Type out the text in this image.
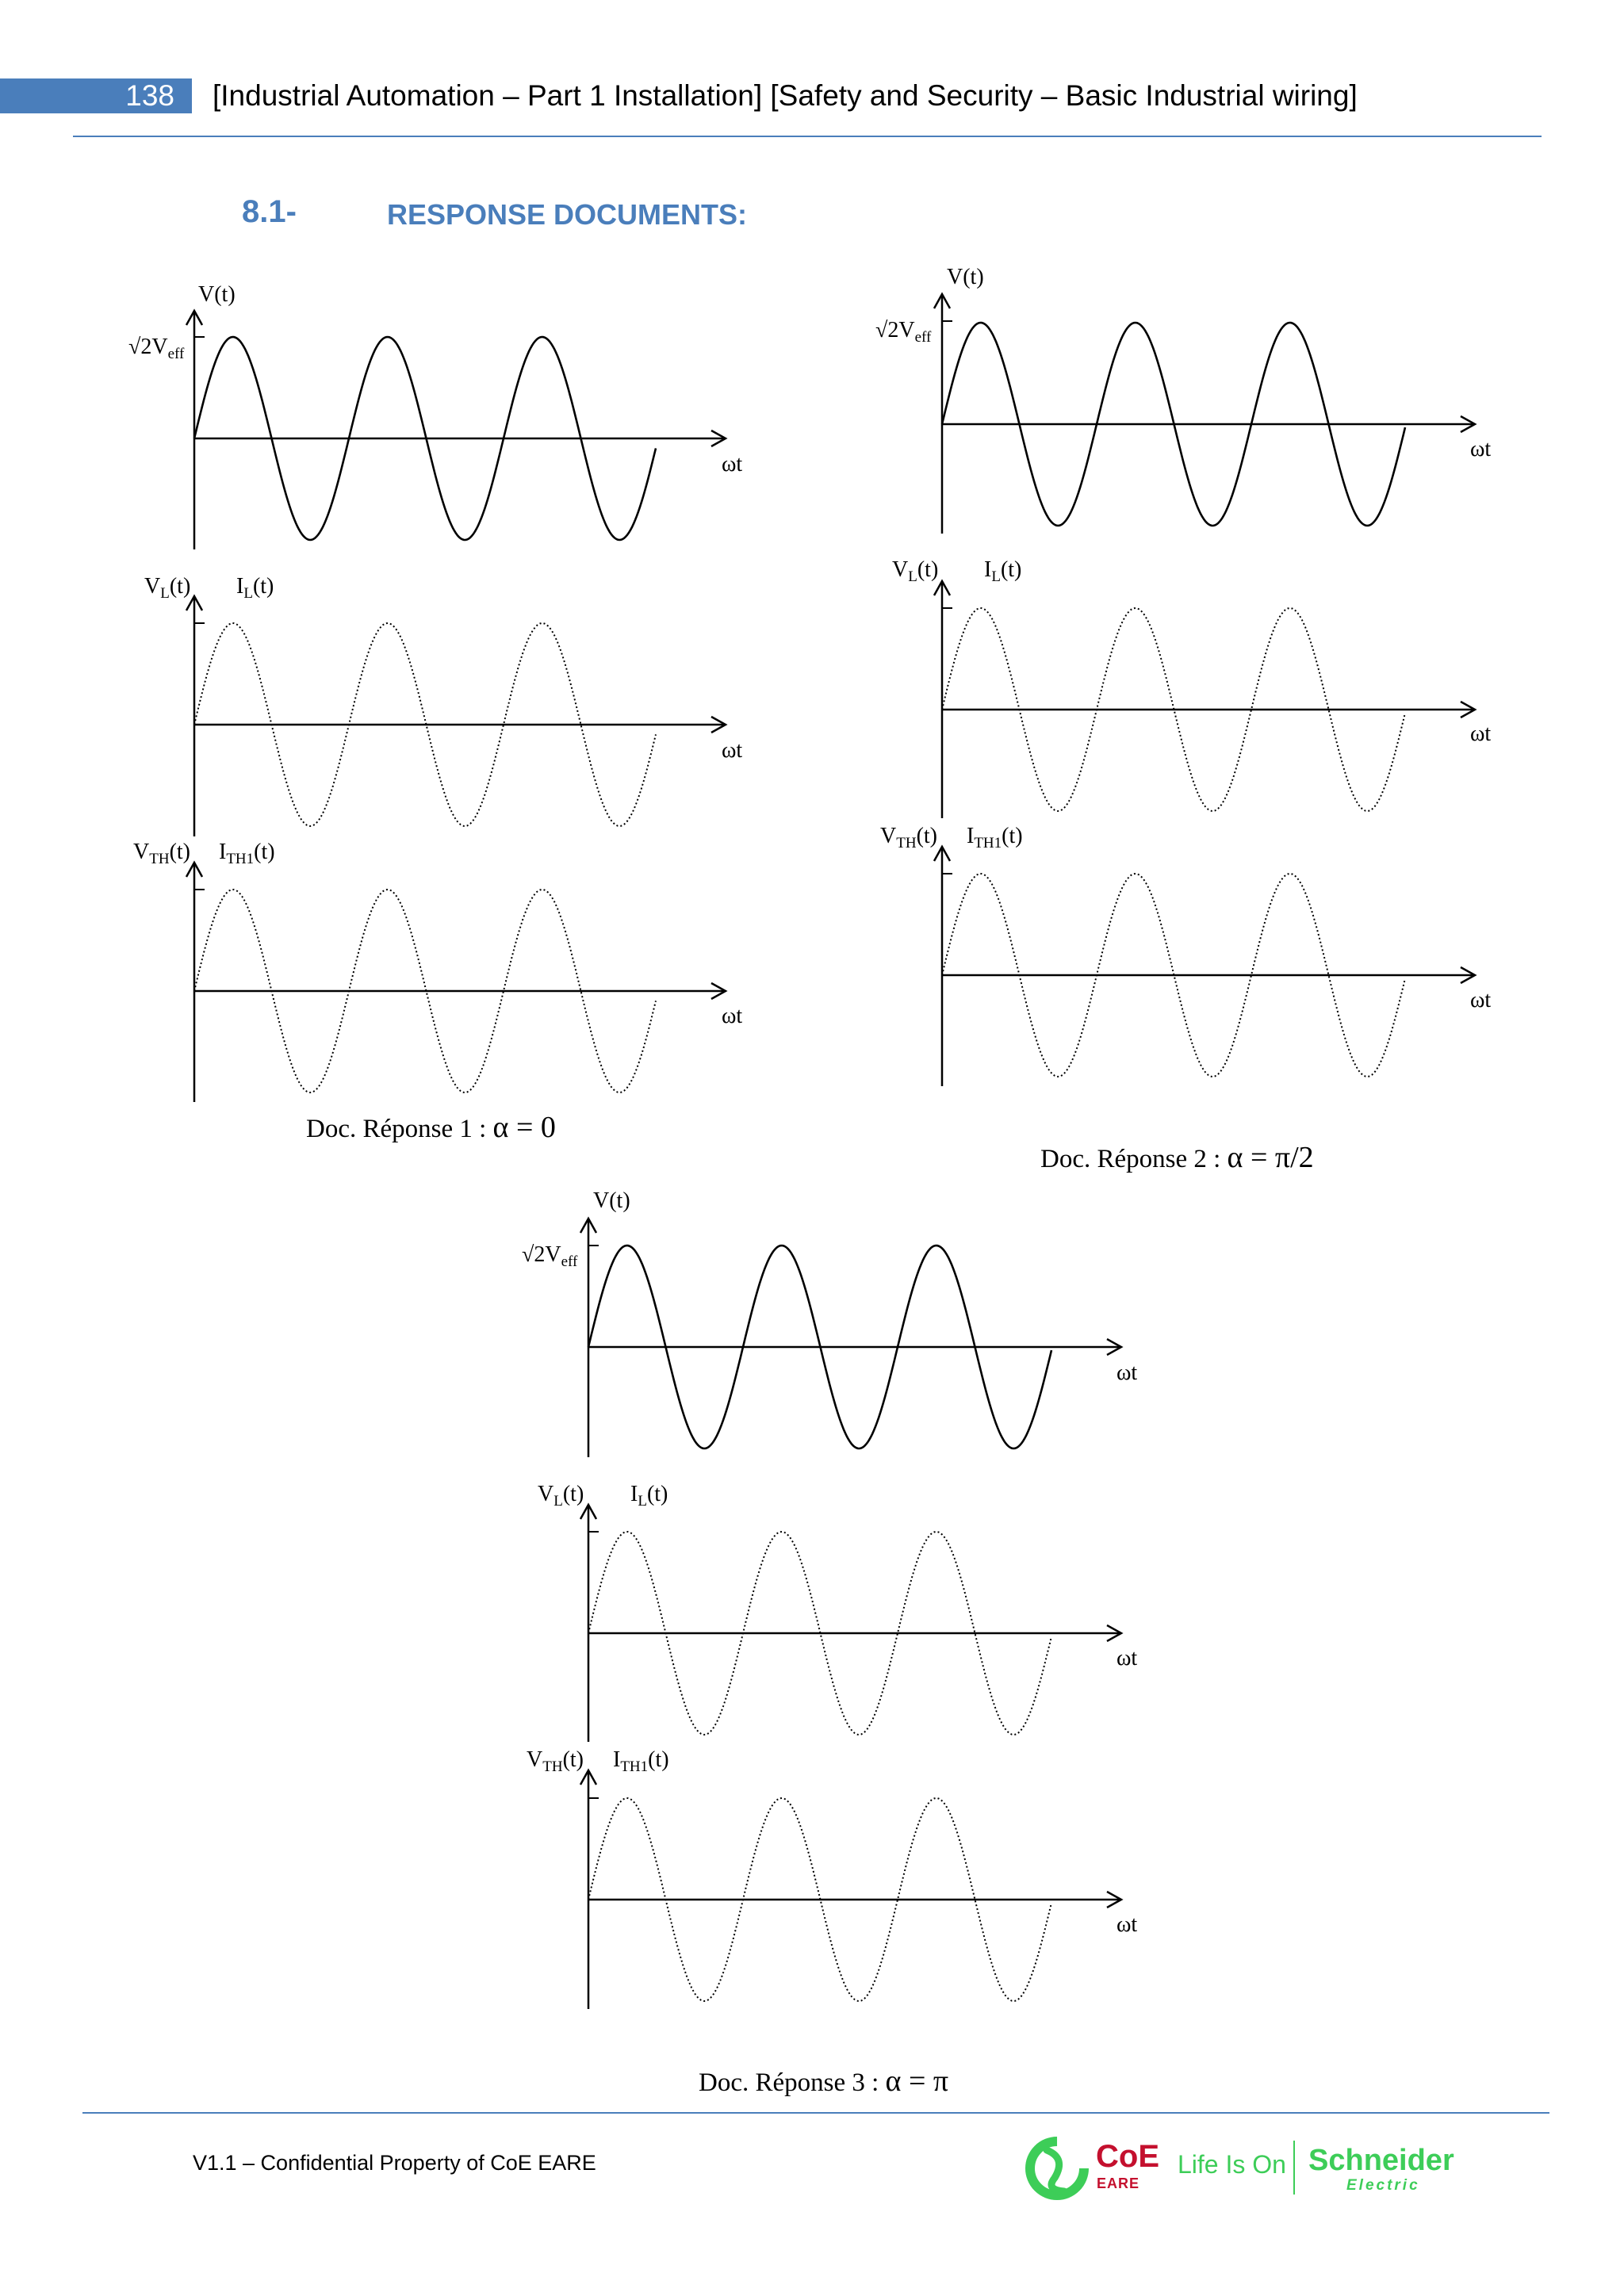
138	[Industrial Automation – Part 1 Installation] [Safety and Security – Basic Industrial wiring]
8.1-	RESPONSE DOCUMENTS:
V(t)
$√2V_{eff}$
ωt
$V_L(t)$ $I_L(t)$
ωt
$V_{TH}(t)$ $I_{TH1}(t)$
ωt
V(t)
$√2V_{eff}$
ωt
$V_L(t)$ $I_L(t)$
ωt
$V_{TH}(t)$ $I_{TH1}(t)$
ωt
V(t)
$√2V_{eff}$
ωt
$V_L(t)$ $I_L(t)$
ωt
$V_{TH}(t)$ $I_{TH1}(t)$
ωt
Doc. Réponse 1 : α = 0
Doc. Réponse 2 : α = π/2
Doc. Réponse 3 : α = π
V1.1 – Confidential Property of CoE EARE	CoE
EARE
Life Is On Schneider
Electric
